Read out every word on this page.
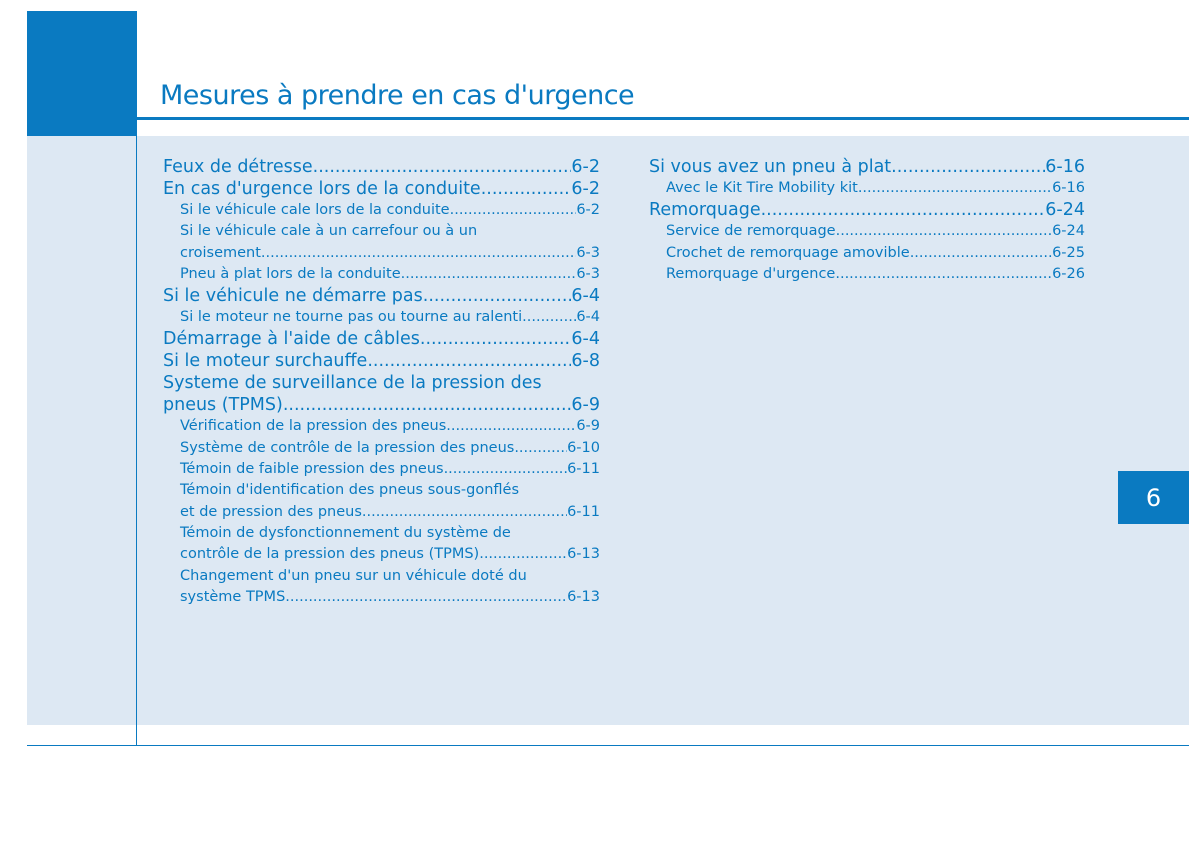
Mesures à prendre en cas d'urgence
6
Feux de détresse .....	6-2
En cas d'urgence lors de la conduite .....	6-2
Si le véhicule cale lors de la conduite .....	6-2
Si le véhicule cale à un carrefour ou à un
croisement .....	6-3
Pneu à plat lors de la conduite .....	6-3
Si le véhicule ne démarre pas .....	6-4
Si le moteur ne tourne pas ou tourne au ralenti .....	6-4
Démarrage à l'aide de câbles .....	6-4
Si le moteur surchauffe .....	6-8
Systeme de surveillance de la pression des
pneus (TPMS) .....	6-9
Vérification de la pression des pneus .....	6-9
Système de contrôle de la pression des pneus .....	6-10
Témoin de faible pression des pneus .....	6-11
Témoin d'identification des pneus sous-gonflés
et de pression des pneus .....	6-11
Témoin de dysfonctionnement du système de
contrôle de la pression des pneus (TPMS) .....	6-13
Changement d'un pneu sur un véhicule doté du
système TPMS .....	6-13
Si vous avez un pneu à plat .....	6-16
Avec le Kit Tire Mobility kit .....	6-16
Remorquage .....	6-24
Service de remorquage .....	6-24
Crochet de remorquage amovible .....	6-25
Remorquage d'urgence .....	6-26
